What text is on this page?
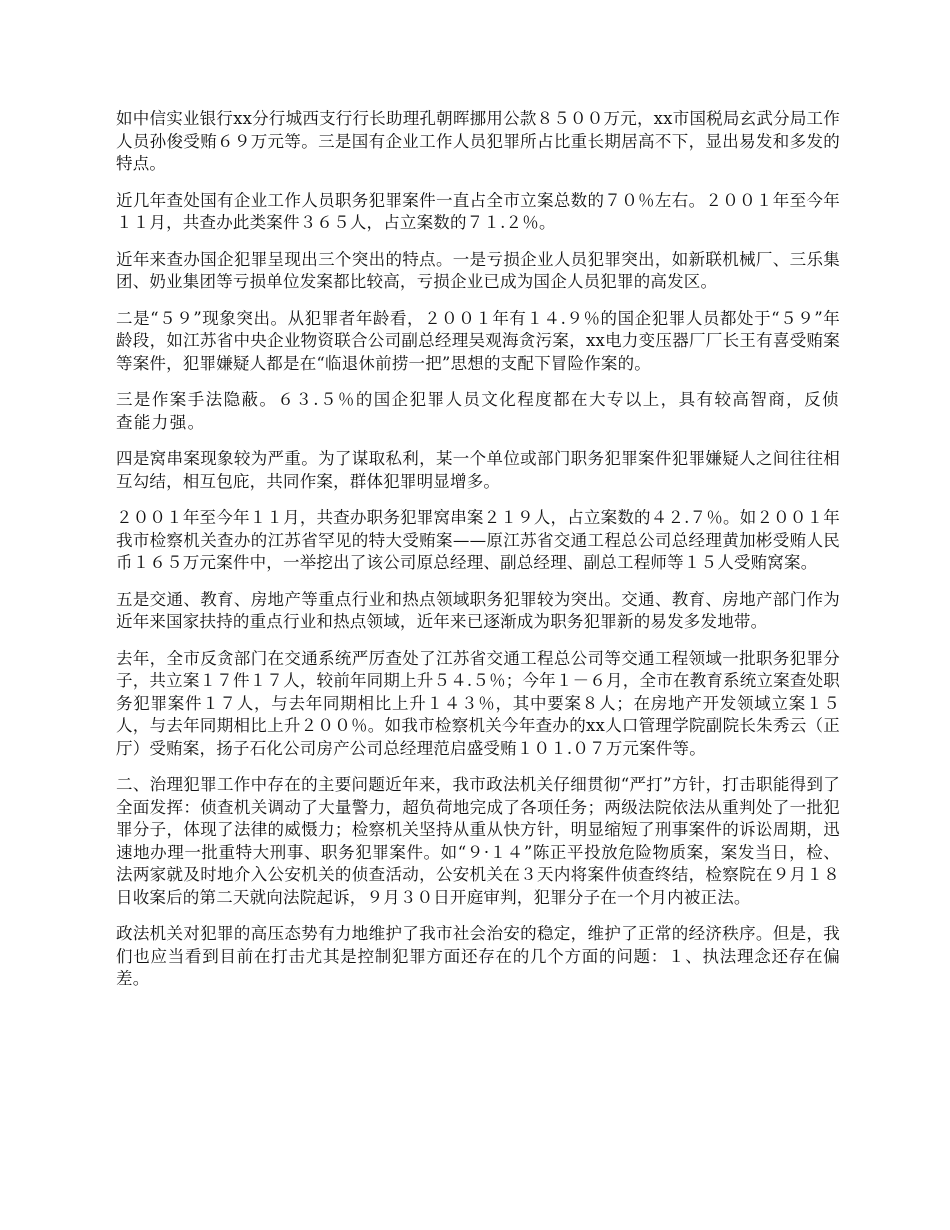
如中信实业银行xx分行城西支行行长助理孔朝晖挪用公款８５００万元，xx市国税局玄武分局工作人员孙俊受贿６９万元等。三是国有企业工作人员犯罪所占比重长期居高不下，显出易发和多发的特点。

近几年查处国有企业工作人员职务犯罪案件一直占全市立案总数的７０％左右。２００１年至今年１１月，共查办此类案件３６５人，占立案数的７１.２％。

近年来查办国企犯罪呈现出三个突出的特点。一是亏损企业人员犯罪突出，如新联机械厂、三乐集团、奶业集团等亏损单位发案都比较高，亏损企业已成为国企人员犯罪的高发区。

二是“５９”现象突出。从犯罪者年龄看，２００１年有１４.９％的国企犯罪人员都处于“５９”年龄段，如江苏省中央企业物资联合公司副总经理吴观海贪污案，xx电力变压器厂厂长王有喜受贿案等案件，犯罪嫌疑人都是在“临退休前捞一把”思想的支配下冒险作案的。

三是作案手法隐蔽。６３.５％的国企犯罪人员文化程度都在大专以上，具有较高智商，反侦查能力强。

四是窝串案现象较为严重。为了谋取私利，某一个单位或部门职务犯罪案件犯罪嫌疑人之间往往相互勾结，相互包庇，共同作案，群体犯罪明显增多。

２００１年至今年１１月，共查办职务犯罪窝串案２１９人，占立案数的４２.７％。如２００１年我市检察机关查办的江苏省罕见的特大受贿案——原江苏省交通工程总公司总经理黄加彬受贿人民币１６５万元案件中，一举挖出了该公司原总经理、副总经理、副总工程师等１５人受贿窝案。

五是交通、教育、房地产等重点行业和热点领域职务犯罪较为突出。交通、教育、房地产部门作为近年来国家扶持的重点行业和热点领域，近年来已逐渐成为职务犯罪新的易发多发地带。

去年，全市反贪部门在交通系统严厉查处了江苏省交通工程总公司等交通工程领域一批职务犯罪分子，共立案１７件１７人，较前年同期上升５４.５％；今年１－６月，全市在教育系统立案查处职务犯罪案件１７人，与去年同期相比上升１４３％，其中要案８人；在房地产开发领域立案１５人，与去年同期相比上升２００％。如我市检察机关今年查办的xx人口管理学院副院长朱秀云（正厅）受贿案，扬子石化公司房产公司总经理范启盛受贿１０１.０７万元案件等。

二、治理犯罪工作中存在的主要问题近年来，我市政法机关仔细贯彻“严打”方针，打击职能得到了全面发挥：侦查机关调动了大量警力，超负荷地完成了各项任务；两级法院依法从重判处了一批犯罪分子，体现了法律的威慑力；检察机关坚持从重从快方针，明显缩短了刑事案件的诉讼周期，迅速地办理一批重特大刑事、职务犯罪案件。如“９·１４”陈正平投放危险物质案，案发当日，检、法两家就及时地介入公安机关的侦查活动，公安机关在３天内将案件侦查终结，检察院在９月１８日收案后的第二天就向法院起诉，９月３０日开庭审判，犯罪分子在一个月内被正法。

政法机关对犯罪的高压态势有力地维护了我市社会治安的稳定，维护了正常的经济秩序。但是，我们也应当看到目前在打击尤其是控制犯罪方面还存在的几个方面的问题：１、执法理念还存在偏差。
